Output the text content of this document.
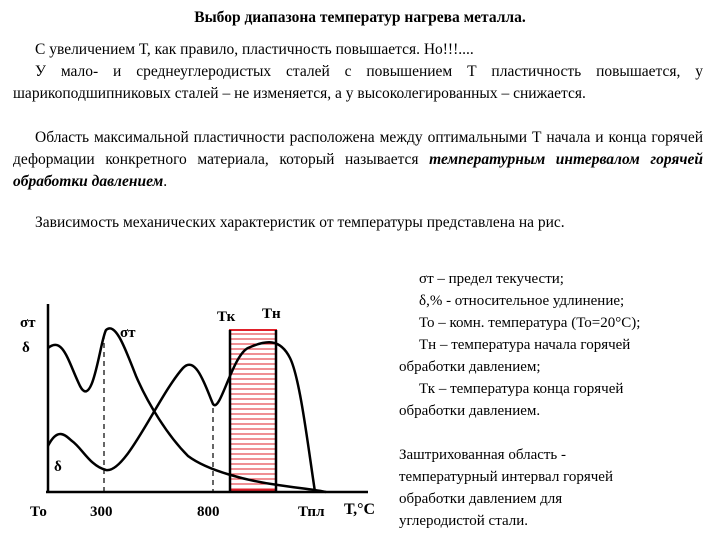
Выбор диапазона температур нагрева металла.
С увеличением Т, как правило, пластичность повышается. Но!!!....
У мало- и среднеуглеродистых сталей с повышением Т пластичность повышается, у шарикоподшипниковых сталей – не изменяется, а у высоколегированных – снижается.
Область максимальной пластичности расположена между оптимальными Т начала и конца горячей деформации конкретного материала, который называется температурным интервалом горячей обработки давлением.
Зависимость механических характеристик от температуры представлена на рис.
σт
δ
σт
δ
Тк Тн
То	300	800	Тпл Т,°С
σт – предел текучести;
δ,% - относительное удлинение;
То – комн. температура (То=20°С);
Тн – температура начала горячей
обработки давлением;
Тк – температура конца горячей
обработки давлением.
Заштрихованная область -
температурный интервал горячей
обработки давлением для
углеродистой стали.
